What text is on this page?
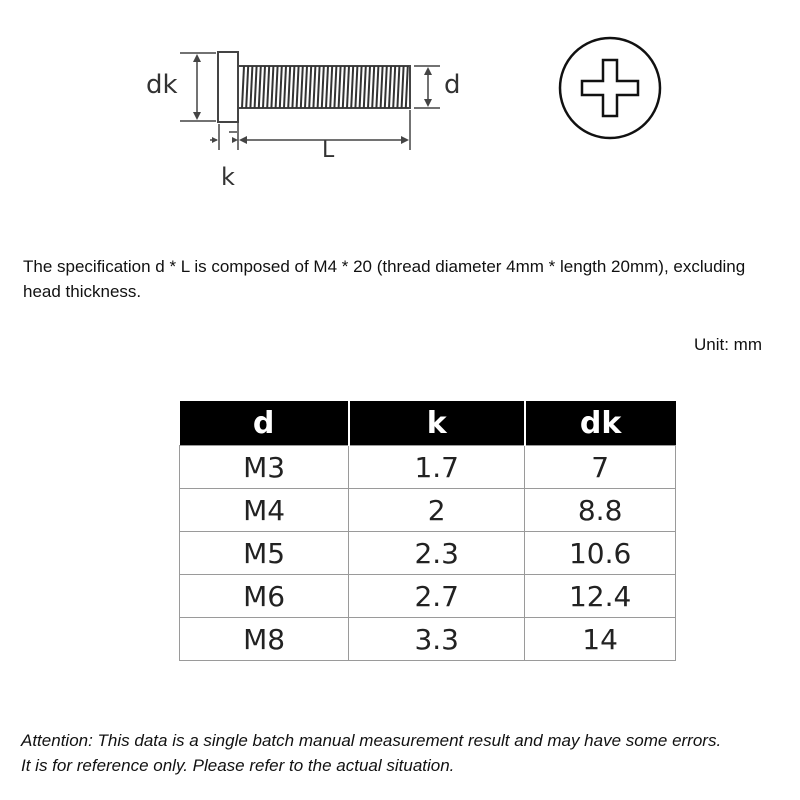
dk	d
L
k
The specification d * L is composed of M4 * 20 (thread diameter 4mm * length 20mm), excluding head thickness.
Unit: mm
d	k	dk
M3	1.7	7
M4	2	8.8
M5	2.3	10.6
M6	2.7	12.4
M8	3.3	14
Attention: This data is a single batch manual measurement result and may have some errors.
It is for reference only. Please refer to the actual situation.
